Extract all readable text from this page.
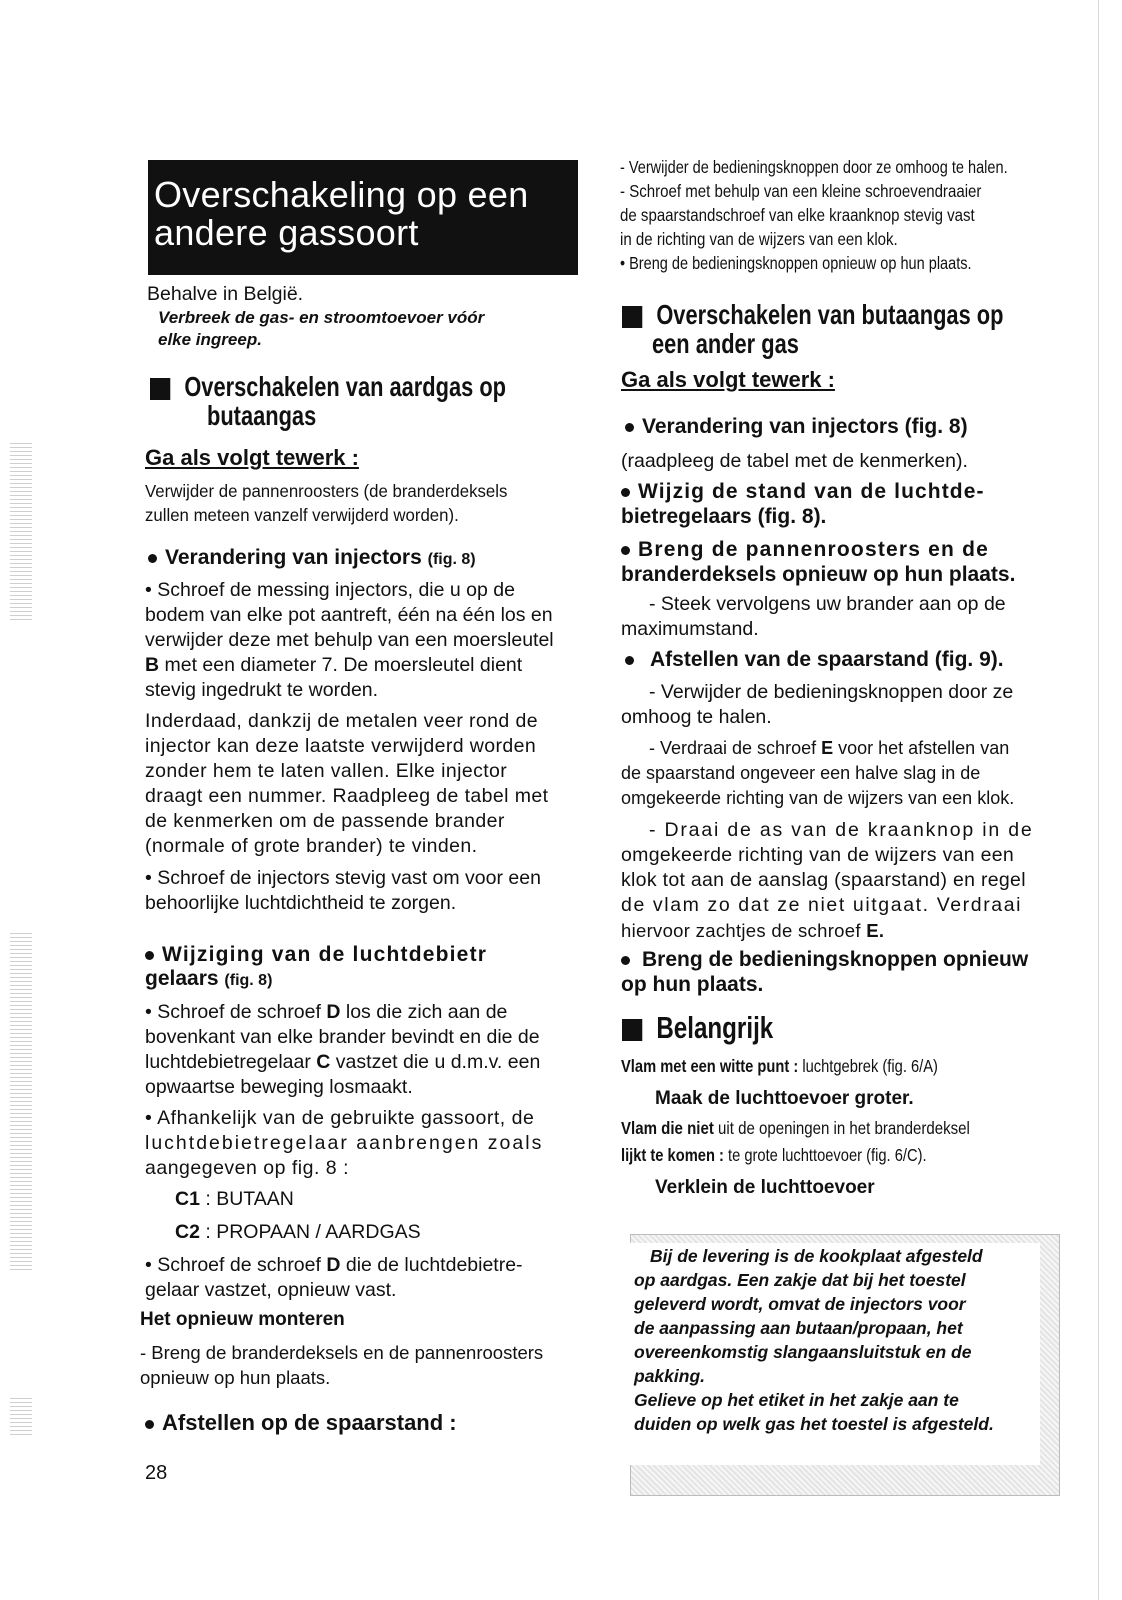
Overschakeling op een
andere gassoort
Behalve in België.
Verbreek de gas- en stroomtoevoer vóór
elke ingreep.
Overschakelen van aardgas op
butaangas
Ga als volgt tewerk :
Verwijder de pannenroosters (de branderdeksels
zullen meteen vanzelf verwijderd worden).
Verandering van injectors (fig. 8)

• Schroef de messing injectors, die u op de

bodem van elke pot aantreft, één na één los en

verwijder deze met behulp van een moersleutel

B met een diameter 7. De moersleutel dient

stevig ingedrukt te worden.

Inderdaad, dankzij de metalen veer rond de

injector kan deze laatste verwijderd worden

zonder hem te laten vallen. Elke injector

draagt een nummer. Raadpleeg de tabel met

de kenmerken om de passende brander

(normale of grote brander) te vinden.

• Schroef de injectors stevig vast om voor een

behoorlijke luchtdichtheid te zorgen.

Wijziging van de luchtdebietr
gelaars (fig. 8)

• Schroef de schroef D los die zich aan de

bovenkant van elke brander bevindt en die de

luchtdebietregelaar C vastzet die u d.m.v. een

opwaartse beweging losmaakt.

• Afhankelijk van de gebruikte gassoort, de

luchtdebietregelaar aanbrengen zoals

aangegeven op fig. 8 :

C1 : BUTAAN
C2 : PROPAAN / AARDGAS

• Schroef de schroef D die de luchtdebietre-

gelaar vastzet, opnieuw vast.

Het opnieuw monteren
- Breng de branderdeksels en de pannenroosters
opnieuw op hun plaats.
Afstellen op de spaarstand :
28
- Verwijder de bedieningsknoppen door ze omhoog te halen.
- Schroef met behulp van een kleine schroevendraaier
de spaarstandschroef van elke kraanknop stevig vast
in de richting van de wijzers van een klok.
• Breng de bedieningsknoppen opnieuw op hun plaats.
Overschakelen van butaangas op
een ander gas
Ga als volgt tewerk :
Verandering van injectors (fig. 8)
(raadpleeg de tabel met de kenmerken).
Wijzig de stand van de luchtde-
bietregelaars (fig. 8).
Breng de pannenroosters en de
branderdeksels opnieuw op hun plaats.

- Steek vervolgens uw brander aan op de

maximumstand.

Afstellen van de spaarstand (fig. 9).

- Verwijder de bedieningsknoppen door ze

omhoog te halen.

- Verdraai de schroef E voor het afstellen van
de spaarstand ongeveer een halve slag in de
omgekeerde richting van de wijzers van een klok.

- Draai de as van de kraanknop in de

omgekeerde richting van de wijzers van een

klok tot aan de aanslag (spaarstand) en regel

de vlam zo dat ze niet uitgaat. Verdraai

hiervoor zachtjes de schroef E.

Breng de bedieningsknoppen opnieuw
op hun plaats.
Belangrijk
Vlam met een witte punt : luchtgebrek (fig. 6/A)
Maak de luchttoevoer groter.
Vlam die niet uit de openingen in het branderdeksel
lijkt te komen : te grote luchttoevoer (fig. 6/C).
Verklein de luchttoevoer
Bij de levering is de kookplaat afgesteld
op aardgas. Een zakje dat bij het toestel
geleverd wordt, omvat de injectors voor
de aanpassing aan butaan/propaan, het
overeenkomstig slangaansluitstuk en de
pakking.
Gelieve op het etiket in het zakje aan te
duiden op welk gas het toestel is afgesteld.
